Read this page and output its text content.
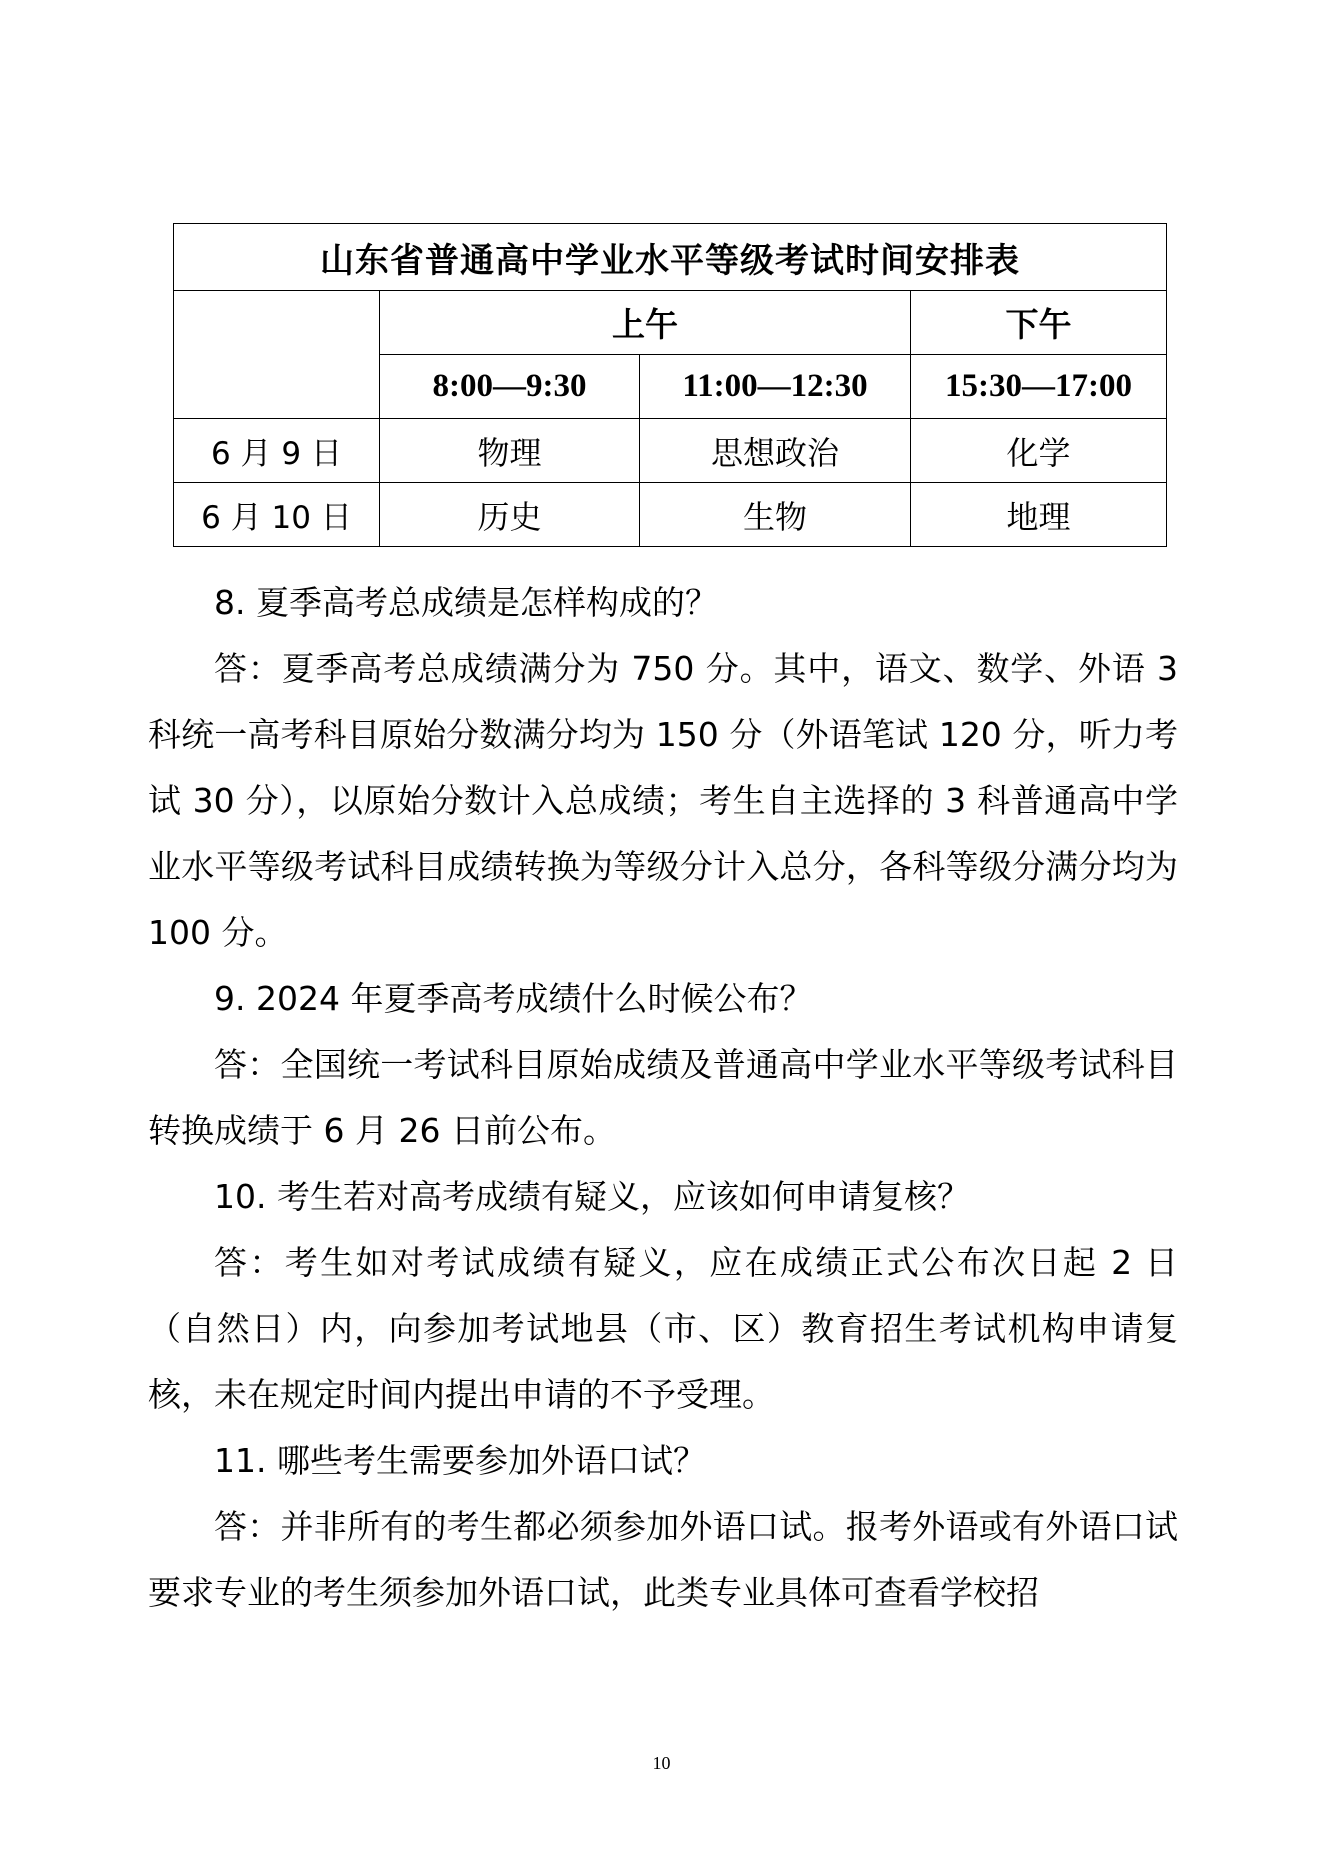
山东省普通高中学业水平等级考试时间安排表			
	上午		下午
	8:00—9:30	11:00—12:30	15:30—17:00
6 月 9 日	物理	思想政治	化学
6 月 10 日	历史	生物	地理

8. 夏季高考总成绩是怎样构成的？

答：夏季高考总成绩满分为 750 分。其中，语文、数学、外语 3 科统一高考科目原始分数满分均为 150 分（外语笔试 120 分，听力考试 30 分），以原始分数计入总成绩；考生自主选择的 3 科普通高中学业水平等级考试科目成绩转换为等级分计入总分，各科等级分满分均为 100 分。

9. 2024 年夏季高考成绩什么时候公布？

答：全国统一考试科目原始成绩及普通高中学业水平等级考试科目转换成绩于 6 月 26 日前公布。

10. 考生若对高考成绩有疑义，应该如何申请复核？

答：考生如对考试成绩有疑义，应在成绩正式公布次日起 2 日（自然日）内，向参加考试地县（市、区）教育招生考试机构申请复核，未在规定时间内提出申请的不予受理。

11. 哪些考生需要参加外语口试？

答：并非所有的考生都必须参加外语口试。报考外语或有外语口试要求专业的考生须参加外语口试，此类专业具体可查看学校招

10
